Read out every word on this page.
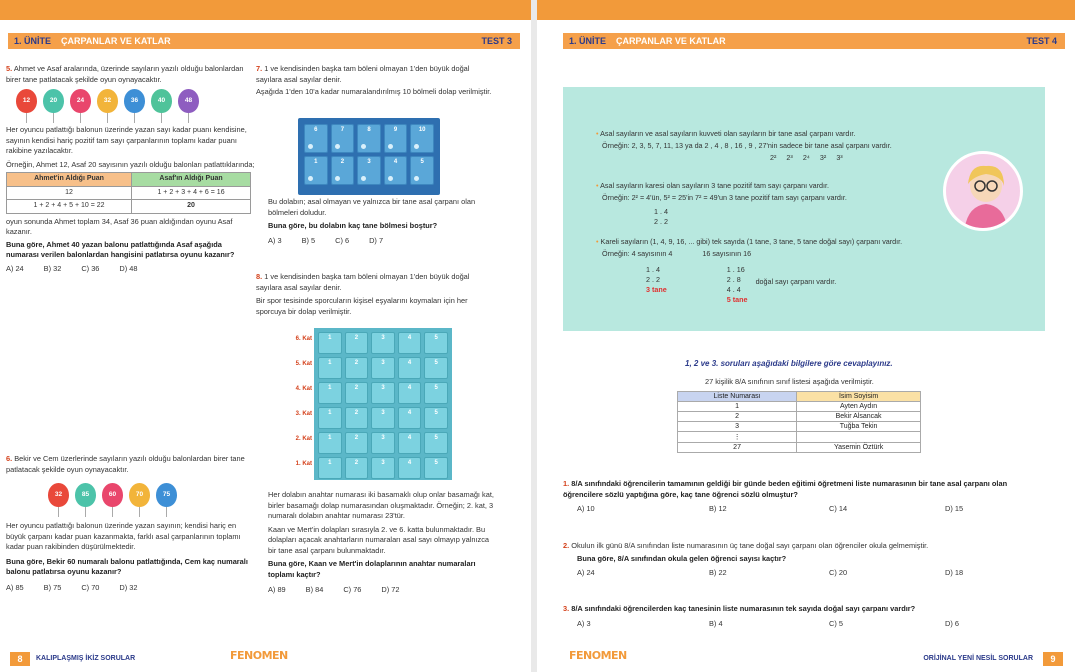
1. ÜNİTE	ÇARPANLAR VE KATLAR	TEST 3
5. Ahmet ve Asaf aralarında, üzerinde sayıların yazılı olduğu balonlardan birer tane patlatacak şekilde oyun oynayacaktır.
12	20	24	32	36	40	48
Her oyuncu patlattığı balonun üzerinde yazan sayı kadar puanı kendisine, sayının kendisi hariç pozitif tam sayı çarpanlarının toplamı kadar puanı rakibine yazılacaktır.
Örneğin, Ahmet 12, Asaf 20 sayısının yazılı olduğu balonları patlattıklarında;
Ahmet'in Aldığı Puan	Asaf'ın Aldığı Puan
12	1 + 2 + 3 + 4 + 6 = 16
1 + 2 + 4 + 5 + 10 = 22	20
oyun sonunda Ahmet toplam 34, Asaf 36 puan aldığından oyunu Asaf kazanır.
Buna göre, Ahmet 40 yazan balonu patlattığında Asaf aşağıda numarası verilen balonlardan hangisini patlatırsa oyunu kazanır?
A) 24	B) 32	C) 36	D) 48
6. Bekir ve Cem üzerlerinde sayıların yazılı olduğu balonlardan birer tane patlatacak şekilde oyun oynayacaktır.
32	85	60	70	75
Her oyuncu patlattığı balonun üzerinde yazan sayının; kendisi hariç en büyük çarpanı kadar puan kazanmakta, farklı asal çarpanlarının toplamı kadar puan rakibinden düşürülmektedir.
Buna göre, Bekir 60 numaralı balonu patlattığında, Cem kaç numaralı balonu patlatırsa oyunu kazanır?
A) 85	B) 75	C) 70	D) 32
7. 1 ve kendisinden başka tam böleni olmayan 1'den büyük doğal sayılara asal sayılar denir.
Aşağıda 1'den 10'a kadar numaralandırılmış 10 bölmeli dolap verilmiştir.
6	7	8	9	10
1	2	3	4	5
Bu dolabın; asal olmayan ve yalnızca bir tane asal çarpanı olan bölmeleri doludur.
Buna göre, bu dolabın kaç tane bölmesi boştur?
A) 3	B) 5	C) 6	D) 7
8. 1 ve kendisinden başka tam böleni olmayan 1'den büyük doğal sayılara asal sayılar denir.
Bir spor tesisinde sporcuların kişisel eşyalarını koymaları için her sporcuya bir dolap verilmiştir.
6. Kat
5. Kat
4. Kat
3. Kat
2. Kat
1. Kat
1	2	3	4	5
1	2	3	4	5
1	2	3	4	5
1	2	3	4	5
1	2	3	4	5
1	2	3	4	5
Her dolabın anahtar numarası iki basamaklı olup onlar basamağı kat, birler basamağı dolap numarasından oluşmaktadır. Örneğin; 2. kat, 3 numaralı dolabın anahtar numarası 23'tür.
Kaan ve Mert'in dolapları sırasıyla 2. ve 6. katta bulunmaktadır. Bu dolapları açacak anahtarların numaraları asal sayı olmayıp yalnızca bir tane asal çarpanı bulunmaktadır.
Buna göre, Kaan ve Mert'in dolaplarının anahtar numaraları toplamı kaçtır?
A) 89	B) 84	C) 76	D) 72
8	KALIPLAŞMIŞ İKİZ SORULAR	FENOMEN
1. ÜNİTE	ÇARPANLAR VE KATLAR	TEST 4
• Asal sayıların ve asal sayıların kuvveti olan sayıların bir tane asal çarpanı vardır.
Örneğin: 2, 3, 5, 7, 11, 13 ya da 2 , 4 , 8 , 16 , 9 , 27'nin sadece bir tane asal çarpanı vardır.
2² 2³ 2⁴ 3² 3³
• Asal sayıların karesi olan sayıların 3 tane pozitif tam sayı çarpanı vardır.
Örneğin: 2² = 4'ün, 5² = 25'in 7² = 49'un 3 tane pozitif tam sayı çarpanı vardır.
1 . 4
2 . 2
• Kareli sayıların (1, 4, 9, 16, ... gibi) tek sayıda (1 tane, 3 tane, 5 tane doğal sayı) çarpanı vardır.
Örneğin: 4 sayısının 4	16 sayısının 16
1 . 4
2 . 2
3 tane
1 . 16
2 . 8
4 . 4
5 tane
doğal sayı çarpanı vardır.
1, 2 ve 3. soruları aşağıdaki bilgilere göre cevaplayınız.
27 kişilik 8/A sınıfının sınıf listesi aşağıda verilmiştir.
Liste Numarası	İsim Soyisim
1	Ayten Aydın
2	Bekir Alsancak
3	Tuğba Tekin
⋮	
27	Yasemin Öztürk
1. 8/A sınıfındaki öğrencilerin tamamının geldiği bir günde beden eğitimi öğretmeni liste numarasının bir tane asal çarpanı olan öğrencilere sözlü yaptığına göre, kaç tane öğrenci sözlü olmuştur?
A) 10	B) 12	C) 14	D) 15
2. Okulun ilk günü 8/A sınıfından liste numarasının üç tane doğal sayı çarpanı olan öğrenciler okula gelmemiştir.
Buna göre, 8/A sınıfından okula gelen öğrenci sayısı kaçtır?
A) 24	B) 22	C) 20	D) 18
3. 8/A sınıfındaki öğrencilerden kaç tanesinin liste numarasının tek sayıda doğal sayı çarpanı vardır?
A) 3	B) 4	C) 5	D) 6
FENOMEN	ORİJİNAL YENİ NESİL SORULAR	9
